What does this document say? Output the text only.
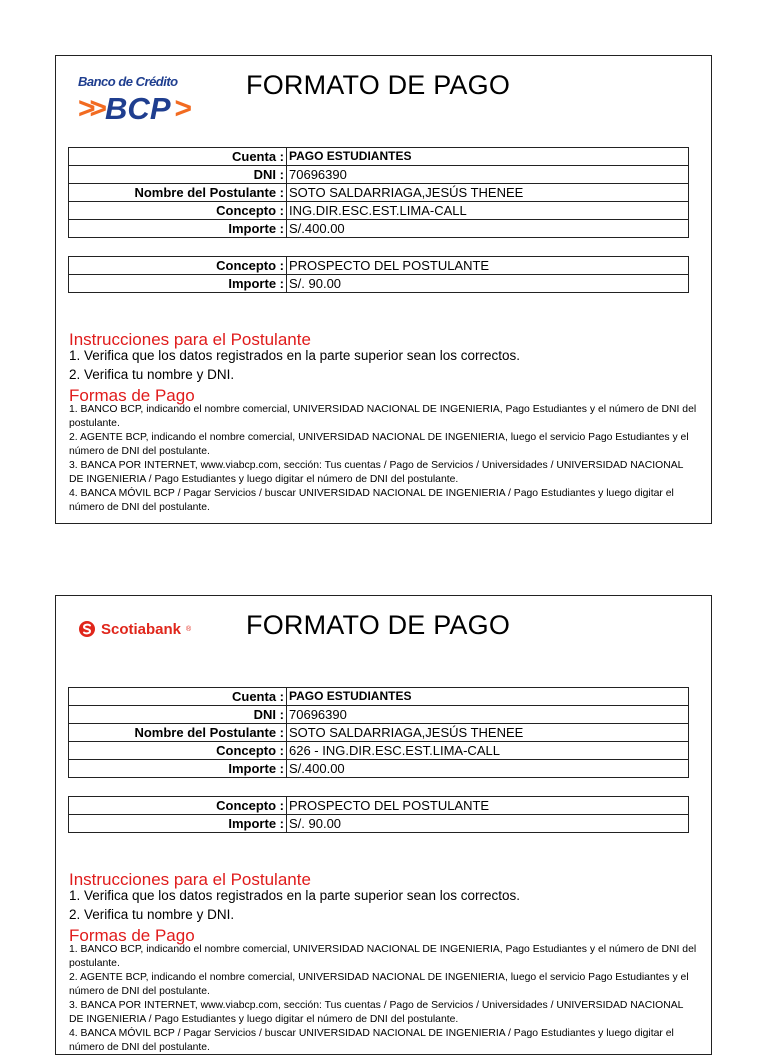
Banco de Crédito
>> BCP >
FORMATO DE PAGO
Cuenta :	PAGO ESTUDIANTES
DNI :	70696390
Nombre del Postulante :	SOTO SALDARRIAGA,JESÚS THENEE
Concepto :	ING.DIR.ESC.EST.LIMA-CALL
Importe :	S/.400.00
Concepto :	PROSPECTO DEL POSTULANTE
Importe :	S/. 90.00
Instrucciones para el Postulante
1. Verifica que los datos registrados en la parte superior sean los correctos.
2. Verifica tu nombre y DNI.
Formas de Pago

1. BANCO BCP, indicando el nombre comercial, UNIVERSIDAD NACIONAL DE INGENIERIA, Pago Estudiantes y el número de DNI del postulante.

2. AGENTE BCP, indicando el nombre comercial, UNIVERSIDAD NACIONAL DE INGENIERIA, luego el servicio Pago Estudiantes y el número de DNI del postulante.

3. BANCA POR INTERNET, www.viabcp.com, sección: Tus cuentas / Pago de Servicios / Universidades / UNIVERSIDAD NACIONAL DE INGENIERIA / Pago Estudiantes y luego digitar el número de DNI del postulante.

4. BANCA MÓVIL BCP / Pagar Servicios / buscar UNIVERSIDAD NACIONAL DE INGENIERIA / Pago Estudiantes y luego digitar el número de DNI del postulante.

Scotiabank ® FORMATO DE PAGO
Cuenta :	PAGO ESTUDIANTES
DNI :	70696390
Nombre del Postulante :	SOTO SALDARRIAGA,JESÚS THENEE
Concepto :	626 - ING.DIR.ESC.EST.LIMA-CALL
Importe :	S/.400.00
Concepto :	PROSPECTO DEL POSTULANTE
Importe :	S/. 90.00
Instrucciones para el Postulante
1. Verifica que los datos registrados en la parte superior sean los correctos.
2. Verifica tu nombre y DNI.
Formas de Pago

1. BANCO BCP, indicando el nombre comercial, UNIVERSIDAD NACIONAL DE INGENIERIA, Pago Estudiantes y el número de DNI del postulante.

2. AGENTE BCP, indicando el nombre comercial, UNIVERSIDAD NACIONAL DE INGENIERIA, luego el servicio Pago Estudiantes y el número de DNI del postulante.

3. BANCA POR INTERNET, www.viabcp.com, sección: Tus cuentas / Pago de Servicios / Universidades / UNIVERSIDAD NACIONAL DE INGENIERIA / Pago Estudiantes y luego digitar el número de DNI del postulante.

4. BANCA MÓVIL BCP / Pagar Servicios / buscar UNIVERSIDAD NACIONAL DE INGENIERIA / Pago Estudiantes y luego digitar el número de DNI del postulante.
